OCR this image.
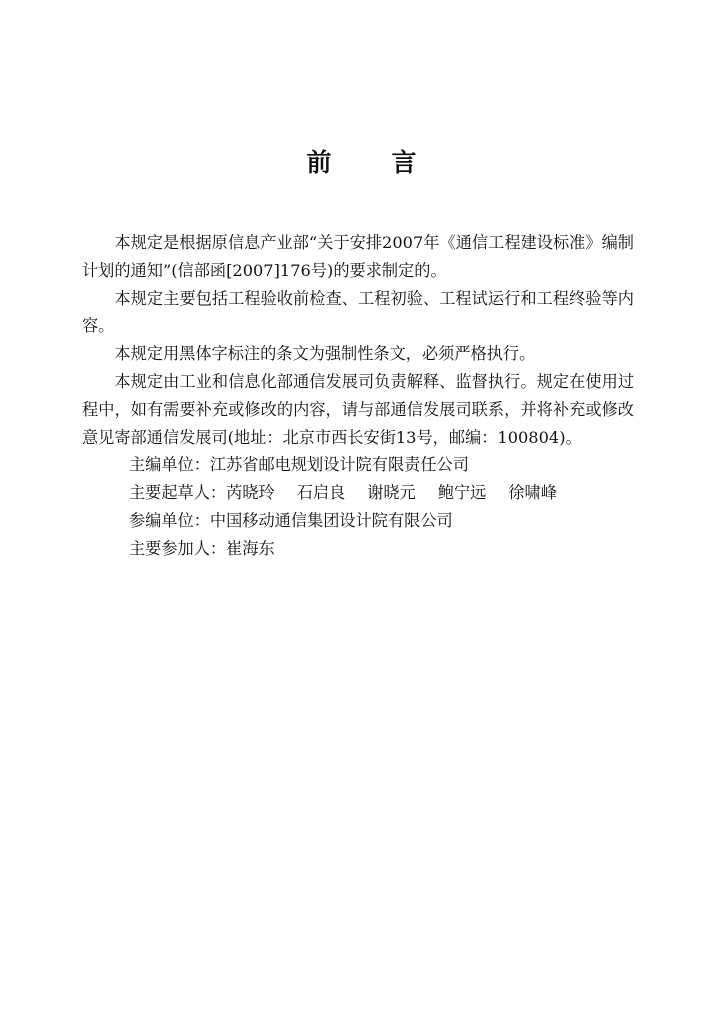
前 言

本规定是根据原信息产业部“关于安排2007年《通信工程建设标准》编制计划的通知”(信部函[2007]176号)的要求制定的。

本规定主要包括工程验收前检查、工程初验、工程试运行和工程终验等内容。

本规定用黑体字标注的条文为强制性条文，必须严格执行。

本规定由工业和信息化部通信发展司负责解释、监督执行。规定在使用过程中，如有需要补充或修改的内容，请与部通信发展司联系，并将补充或修改意见寄部通信发展司(地址：北京市西长安街13号，邮编：100804)。

主编单位：江苏省邮电规划设计院有限责任公司

主要起草人：芮晓玲 石启良 谢晓元 鲍宁远 徐啸峰

参编单位：中国移动通信集团设计院有限公司

主要参加人：崔海东
